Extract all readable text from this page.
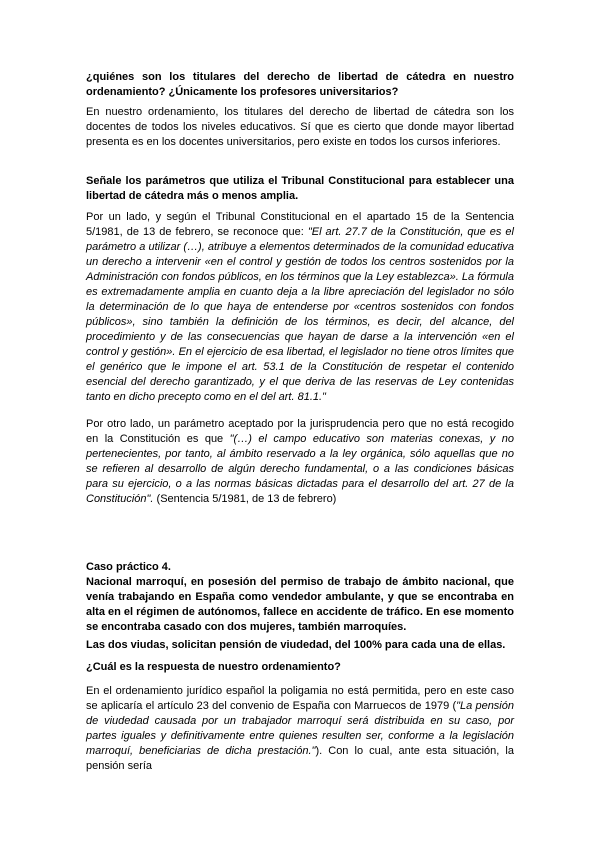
¿quiénes son los titulares del derecho de libertad de cátedra en nuestro ordenamiento? ¿Únicamente los profesores universitarios?

En nuestro ordenamiento, los titulares del derecho de libertad de cátedra son los docentes de todos los niveles educativos. Sí que es cierto que donde mayor libertad presenta es en los docentes universitarios, pero existe en todos los cursos inferiores.

Señale los parámetros que utiliza el Tribunal Constitucional para establecer una libertad de cátedra más o menos amplia.

Por un lado, y según el Tribunal Constitucional en el apartado 15 de la Sentencia 5/1981, de 13 de febrero, se reconoce que: "El art. 27.7 de la Constitución, que es el parámetro a utilizar (…), atribuye a elementos determinados de la comunidad educativa un derecho a intervenir «en el control y gestión de todos los centros sostenidos por la Administración con fondos públicos, en los términos que la Ley establezca». La fórmula es extremadamente amplia en cuanto deja a la libre apreciación del legislador no sólo la determinación de lo que haya de entenderse por «centros sostenidos con fondos públicos», sino también la definición de los términos, es decir, del alcance, del procedimiento y de las consecuencias que hayan de darse a la intervención «en el control y gestión». En el ejercicio de esa libertad, el legislador no tiene otros límites que el genérico que le impone el art. 53.1 de la Constitución de respetar el contenido esencial del derecho garantizado, y el que deriva de las reservas de Ley contenidas tanto en dicho precepto como en el del art. 81.1."

Por otro lado, un parámetro aceptado por la jurisprudencia pero que no está recogido en la Constitución es que "(…) el campo educativo son materias conexas, y no pertenecientes, por tanto, al ámbito reservado a la ley orgánica, sólo aquellas que no se refieren al desarrollo de algún derecho fundamental, o a las condiciones básicas para su ejercicio, o a las normas básicas dictadas para el desarrollo del art. 27 de la Constitución". (Sentencia 5/1981, de 13 de febrero)

Caso práctico 4.

Nacional marroquí, en posesión del permiso de trabajo de ámbito nacional, que venía trabajando en España como vendedor ambulante, y que se encontraba en alta en el régimen de autónomos, fallece en accidente de tráfico. En ese momento se encontraba casado con dos mujeres, también marroquíes.

Las dos viudas, solicitan pensión de viudedad, del 100% para cada una de ellas.

¿Cuál es la respuesta de nuestro ordenamiento?

En el ordenamiento jurídico español la poligamia no está permitida, pero en este caso se aplicaría el artículo 23 del convenio de España con Marruecos de 1979 ("La pensión de viudedad causada por un trabajador marroquí será distribuida en su caso, por partes iguales y definitivamente entre quienes resulten ser, conforme a la legislación marroquí, beneficiarias de dicha prestación."). Con lo cual, ante esta situación, la pensión sería
